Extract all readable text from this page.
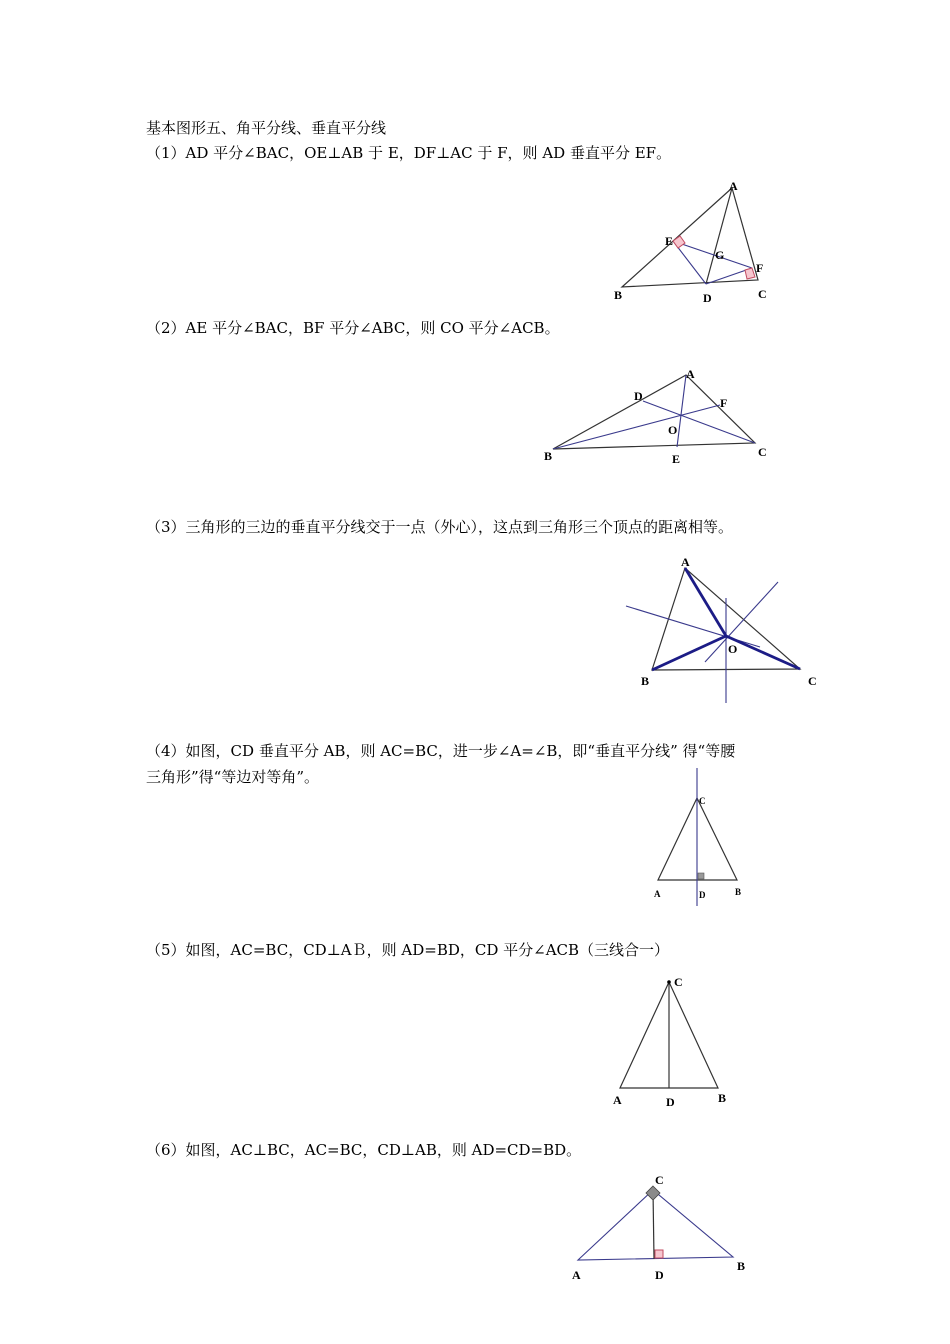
基本图形五、角平分线、垂直平分线
（1）AD 平分∠BAC，OE⊥AB 于 E，DF⊥AC 于 F，则 AD 垂直平分 EF。
（2）AE 平分∠BAC，BF 平分∠ABC，则 CO 平分∠ACB。
（3）三角形的三边的垂直平分线交于一点（外心），这点到三角形三个顶点的距离相等。
（4）如图，CD 垂直平分 AB，则 AC=BC，进一步∠A=∠B，即“垂直平分线” 得“等腰
三角形”得“等边对等角”。
（5）如图，AC=BC，CD⊥AＢ，则 AD=BD，CD 平分∠ACB（三线合一）
（6）如图，AC⊥BC，AC=BC，CD⊥AB，则 AD=CD=BD。
A
E
G
F
B	D	C
A
D	F
O
B	E	C
A
O
B	C
C
A	D	B
C
A	D	B
C
A	D
B
